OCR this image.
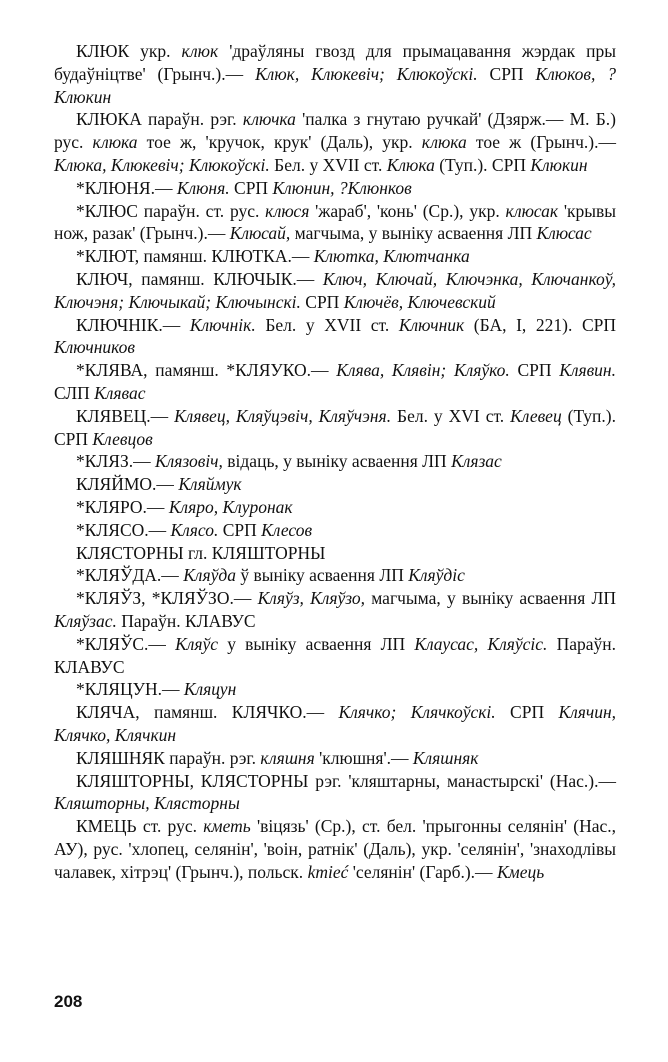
КЛЮК укр. клюк 'драўляны гвозд для прымацавання жэрдак пры будаўніцтве' (Грынч.).— Клюк, Клюкевіч; Клюкоўскі. СРП Клюков, ?Клюкин

КЛЮКА параўн. рэг. ключка 'палка з гнутаю ручкай' (Дзярж.— М. Б.) рус. клюка тое ж, 'кручок, крук' (Даль), укр. клюка тое ж (Грынч.).— Клюка, Клюкевіч; Клюкоўскі. Бел. у XVII ст. Клюка (Туп.). СРП Клюкин

*КЛЮНЯ.— Клюня. СРП Клюнин, ?Клюнков

*КЛЮС параўн. ст. рус. клюся 'жараб', 'конь' (Ср.), укр. клюсак 'крывы нож, разак' (Грынч.).— Клюсай, магчыма, у выніку асваення ЛП Клюсас

*КЛЮТ, памянш. КЛЮТКА.— Клютка, Клютчанка

КЛЮЧ, памянш. КЛЮЧЫК.— Ключ, Ключай, Ключэнка, Ключанкоў, Ключэня; Ключыкай; Ключынскі. СРП Ключёв, Ключевский

КЛЮЧНІК.— Ключнік. Бел. у XVII ст. Ключник (БА, I, 221). СРП Ключников

*КЛЯВА, памянш. *КЛЯУКО.— Клява, Клявін; Кляўко. СРП Клявин. СЛП Клявас

КЛЯВЕЦ.— Клявец, Кляўцэвіч, Кляўчэня. Бел. у XVI ст. Клевец (Туп.). СРП Клевцов

*КЛЯЗ.— Клязовіч, відаць, у выніку асваення ЛП Клязас

КЛЯЙМО.— Кляймук

*КЛЯРО.— Кляро, Клyронак

*КЛЯСО.— Клясо. СРП Клесов

КЛЯСТОРНЫ гл. КЛЯШТОРНЫ

*КЛЯЎДА.— Кляўда ў выніку асваення ЛП Кляўдіс

*КЛЯЎЗ, *КЛЯЎЗО.— Кляўз, Кляўзо, магчыма, у выніку асваення ЛП Кляўзас. Параўн. КЛАВУС

*КЛЯЎС.— Кляўс у выніку асваення ЛП Клаусас, Кляўсіс. Параўн. КЛАВУС

*КЛЯЦУН.— Кляцун

КЛЯЧА, памянш. КЛЯЧКО.— Клячко; Клячкоўскі. СРП Клячин, Клячко, Клячкин

КЛЯШНЯК параўн. рэг. кляшня 'клюшня'.— Кляшняк

КЛЯШТОРНЫ, КЛЯСТОРНЫ рэг. 'кляштарны, манастырскі' (Нас.).— Кляшторны, Клясторны

КМЕЦЬ ст. рус. кметь 'віцязь' (Ср.), ст. бел. 'прыгонны селянін' (Нас., АУ), рус. 'хлопец, селянін', 'воін, ратнік' (Даль), укр. 'селянін', 'знаходлівы чалавек, хітрэц' (Грынч.), польск. kmieć 'селянін' (Гарб.).— Кмець

208
